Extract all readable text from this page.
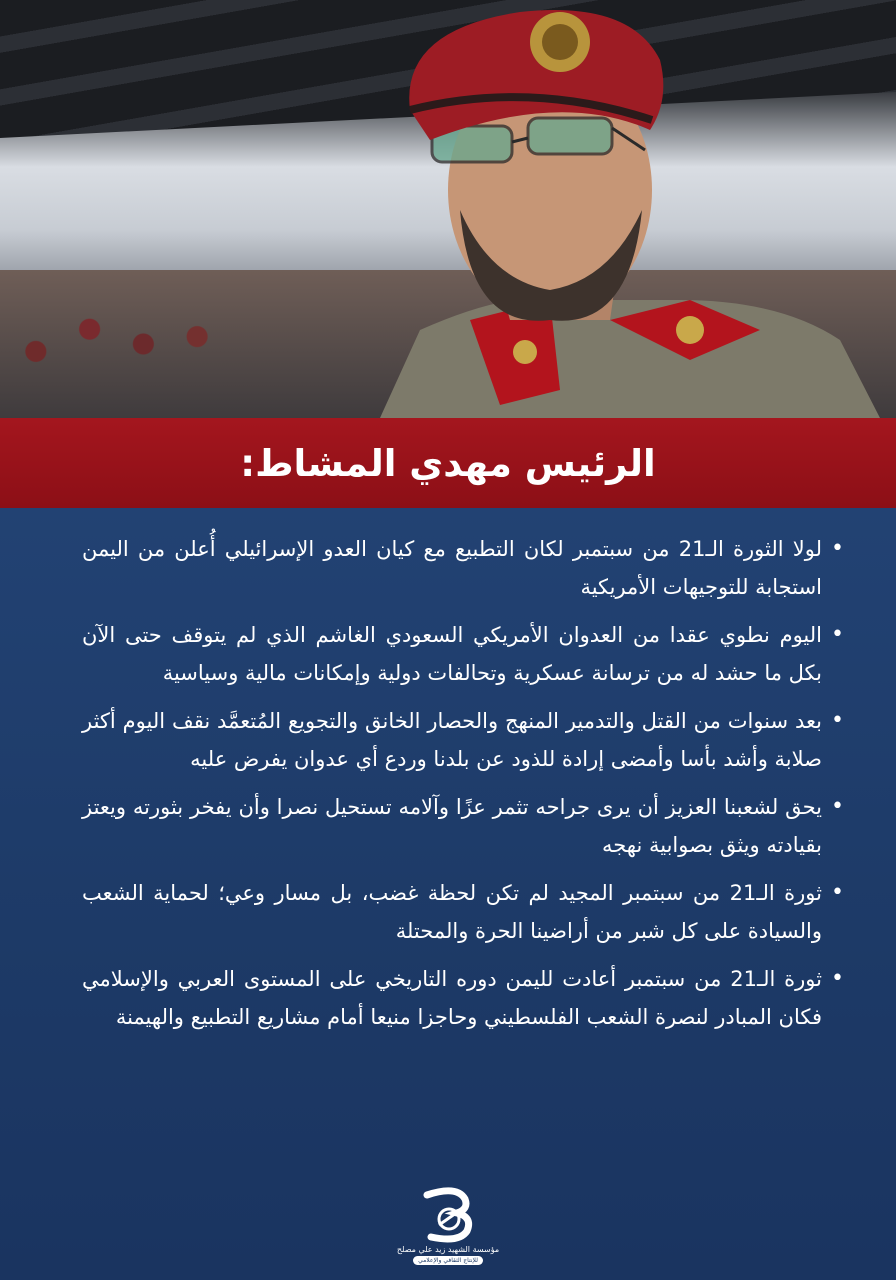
الرئيس مهدي المشاط:
•
لولا الثورة الـ21 من سبتمبر لكان التطبيع مع كيان العدو الإسرائيلي أُعلن من اليمن استجابة للتوجيهات الأمريكية
•
اليوم نطوي عقدا من العدوان الأمريكي السعودي الغاشم الذي لم يتوقف حتى الآن بكل ما حشد له من ترسانة عسكرية وتحالفات دولية وإمكانات مالية وسياسية
•
بعد سنوات من القتل والتدمير المنهج والحصار الخانق والتجويع المُتعمَّد نقف اليوم أكثر صلابة وأشد بأسا وأمضى إرادة للذود عن بلدنا وردع أي عدوان يفرض عليه
•
يحق لشعبنا العزيز أن يرى جراحه تثمر عزًا وآلامه تستحيل نصرا وأن يفخر بثورته ويعتز بقيادته ويثق بصوابية نهجه
•
ثورة الـ21 من سبتمبر المجيد لم تكن لحظة غضب، بل مسار وعي؛ لحماية الشعب والسيادة على كل شبر من أراضينا الحرة والمحتلة
•
ثورة الـ21 من سبتمبر أعادت لليمن دوره التاريخي على المستوى العربي والإسلامي فكان المبادر لنصرة الشعب الفلسطيني وحاجزا منيعا أمام مشاريع التطبيع والهيمنة
مؤسسة الشهيد زيد علي مصلح
للإنتاج الثقافي والإعلامي
